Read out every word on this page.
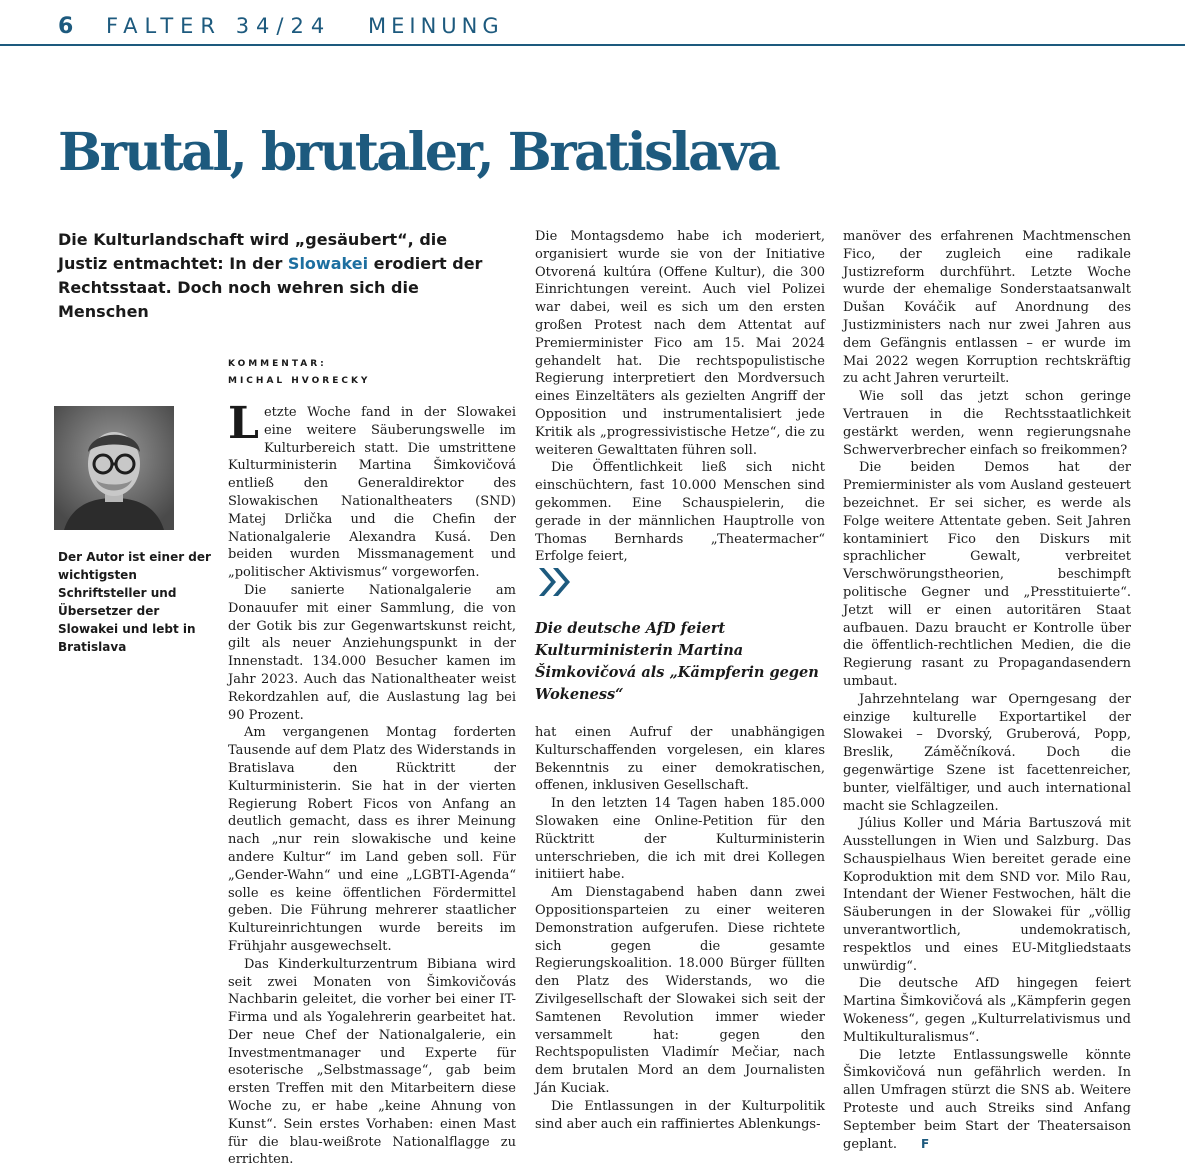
6 FALTER 34/24 MEINUNG
Brutal, brutaler, Bratislava

Die Kulturlandschaft wird „gesäubert“, die Justiz entmachtet: In der Slowakei erodiert der Rechtsstaat. Doch noch wehren sich die Menschen

KOMMENTAR:
MICHAL HVORECKY

Der Autor ist einer der wichtigsten Schriftsteller und Übersetzer der Slowakei und lebt in Bratislava

Letzte Woche fand in der Slowakei eine weitere Säuberungswelle im Kulturbereich statt. Die umstrittene Kulturministerin Martina Šimkovičová entließ den Generaldirektor des Slowakischen Nationaltheaters (SND) Matej Drlička und die Chefin der Nationalgalerie Alexandra Kusá. Den beiden wurden Missmanagement und „politischer Aktivismus“ vorgeworfen.

Die sanierte Nationalgalerie am Donauufer mit einer Sammlung, die von der Gotik bis zur Gegenwartskunst reicht, gilt als neuer Anziehungspunkt in der Innenstadt. 134.000 Besucher kamen im Jahr 2023. Auch das Nationaltheater weist Rekordzahlen auf, die Auslastung lag bei 90 Prozent.

Am vergangenen Montag forderten Tausende auf dem Platz des Widerstands in Bratislava den Rücktritt der Kulturministerin. Sie hat in der vierten Regierung Robert Ficos von Anfang an deutlich gemacht, dass es ihrer Meinung nach „nur rein slowakische und keine andere Kultur“ im Land geben soll. Für „Gender-Wahn“ und eine „LGBTI-Agenda“ solle es keine öffentlichen Fördermittel geben. Die Führung mehrerer staatlicher Kultureinrichtungen wurde bereits im Frühjahr ausgewechselt.

Das Kinderkulturzentrum Bibiana wird seit zwei Monaten von Šimkovičovás Nachbarin geleitet, die vorher bei einer IT-Firma und als Yogalehrerin gearbeitet hat. Der neue Chef der Nationalgalerie, ein Investmentmanager und Experte für esoterische „Selbstmassage“, gab beim ersten Treffen mit den Mitarbeitern diese Woche zu, er habe „keine Ahnung von Kunst“. Sein erstes Vorhaben: einen Mast für die blau-weißrote Nationalflagge zu errichten.

Die Montagsdemo habe ich moderiert, organisiert wurde sie von der Initiative Otvorená kultúra (Offene Kultur), die 300 Einrichtungen vereint. Auch viel Polizei war dabei, weil es sich um den ersten großen Protest nach dem Attentat auf Premierminister Fico am 15. Mai 2024 gehandelt hat. Die rechtspopulistische Regierung interpretiert den Mordversuch eines Einzeltäters als gezielten Angriff der Opposition und instrumentalisiert jede Kritik als „progressivistische Hetze“, die zu weiteren Gewalttaten führen soll.

Die Öffentlichkeit ließ sich nicht einschüchtern, fast 10.000 Menschen sind gekommen. Eine Schauspielerin, die gerade in der männlichen Hauptrolle von Thomas Bernhards „Theatermacher“ Erfolge feiert,

Die deutsche AfD feiert Kulturministerin Martina Šimkovičová als „Kämpferin gegen Wokeness“

hat einen Aufruf der unabhängigen Kulturschaffenden vorgelesen, ein klares Bekenntnis zu einer demokratischen, offenen, inklusiven Gesellschaft.

In den letzten 14 Tagen haben 185.000 Slowaken eine Online-Petition für den Rücktritt der Kulturministerin unterschrieben, die ich mit drei Kollegen initiiert habe.

Am Dienstagabend haben dann zwei Oppositionsparteien zu einer weiteren Demonstration aufgerufen. Diese richtete sich gegen die gesamte Regierungskoalition. 18.000 Bürger füllten den Platz des Widerstands, wo die Zivilgesellschaft der Slowakei sich seit der Samtenen Revolution immer wieder versammelt hat: gegen den Rechtspopulisten Vladimír Mečiar, nach dem brutalen Mord an dem Journalisten Ján Kuciak.

Die Entlassungen in der Kulturpolitik sind aber auch ein raffiniertes Ablenkungs-

manöver des erfahrenen Machtmenschen Fico, der zugleich eine radikale Justizreform durchführt. Letzte Woche wurde der ehemalige Sonderstaatsanwalt Dušan Kováčik auf Anordnung des Justizministers nach nur zwei Jahren aus dem Gefängnis entlassen – er wurde im Mai 2022 wegen Korruption rechtskräftig zu acht Jahren verurteilt.

Wie soll das jetzt schon geringe Vertrauen in die Rechtsstaatlichkeit gestärkt werden, wenn regierungsnahe Schwerverbrecher einfach so freikommen?

Die beiden Demos hat der Premierminister als vom Ausland gesteuert bezeichnet. Er sei sicher, es werde als Folge weitere Attentate geben. Seit Jahren kontaminiert Fico den Diskurs mit sprachlicher Gewalt, verbreitet Verschwörungstheorien, beschimpft politische Gegner und „Presstituierte“. Jetzt will er einen autoritären Staat aufbauen. Dazu braucht er Kontrolle über die öffentlich-rechtlichen Medien, die die Regierung rasant zu Propagandasendern umbaut.

Jahrzehntelang war Operngesang der einzige kulturelle Exportartikel der Slowakei – Dvorský, Gruberová, Popp, Breslik, Záměčníková. Doch die gegenwärtige Szene ist facettenreicher, bunter, vielfältiger, und auch international macht sie Schlagzeilen.

Július Koller und Mária Bartuszová mit Ausstellungen in Wien und Salzburg. Das Schauspielhaus Wien bereitet gerade eine Koproduktion mit dem SND vor. Milo Rau, Intendant der Wiener Festwochen, hält die Säuberungen in der Slowakei für „völlig unverantwortlich, undemokratisch, respektlos und eines EU-Mitgliedstaats unwürdig“.

Die deutsche AfD hingegen feiert Martina Šimkovičová als „Kämpferin gegen Wokeness“, gegen „Kulturrelativismus und Multikulturalismus“.

Die letzte Entlassungswelle könnte Šimkovičová nun gefährlich werden. In allen Umfragen stürzt die SNS ab. Weitere Proteste und auch Streiks sind Anfang September beim Start der Theatersaison geplant. F
